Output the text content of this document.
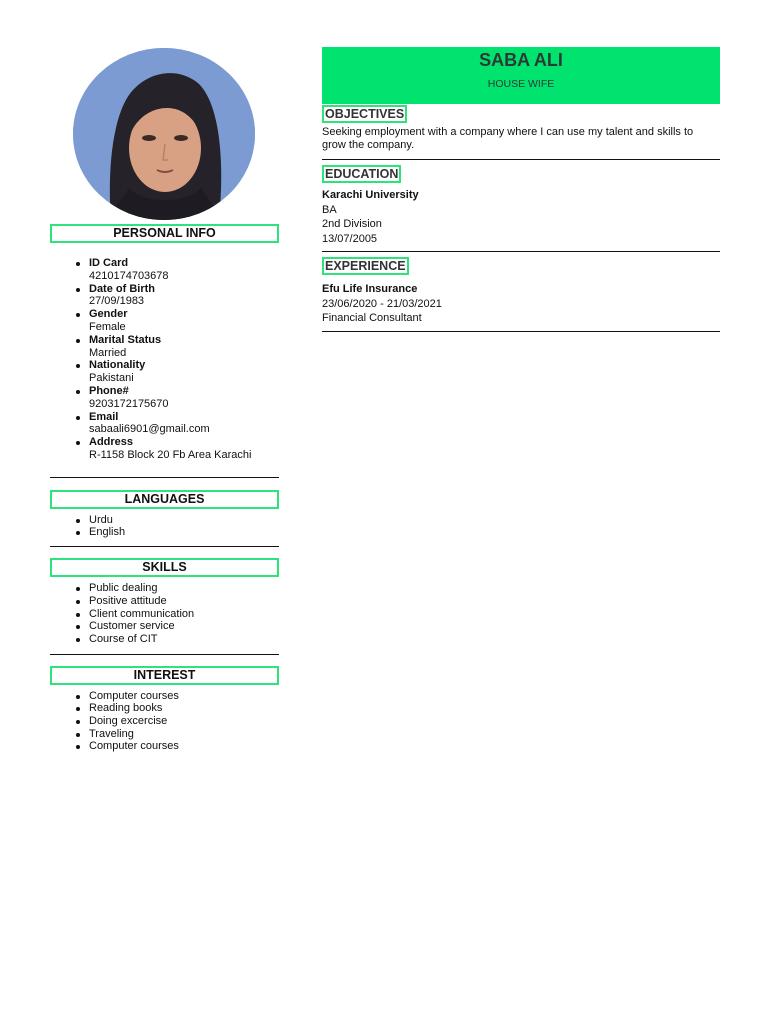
PERSONAL INFO
ID Card
4210174703678
Date of Birth
27/09/1983
Gender
Female
Marital Status
Married
Nationality
Pakistani
Phone#
9203172175670
Email
sabaali6901@gmail.com
Address
R-1158 Block 20 Fb Area Karachi
LANGUAGES
Urdu
English
SKILLS
Public dealing
Positive attitude
Client communication
Customer service
Course of CIT
INTEREST
Computer courses
Reading books
Doing excercise
Traveling
Computer courses
SABA ALI
HOUSE WIFE
OBJECTIVES
Seeking employment with a company where I can use my talent and skills to grow the company.
EDUCATION
Karachi University
BA
2nd Division
13/07/2005
EXPERIENCE
Efu Life Insurance
23/06/2020 - 21/03/2021
Financial Consultant
